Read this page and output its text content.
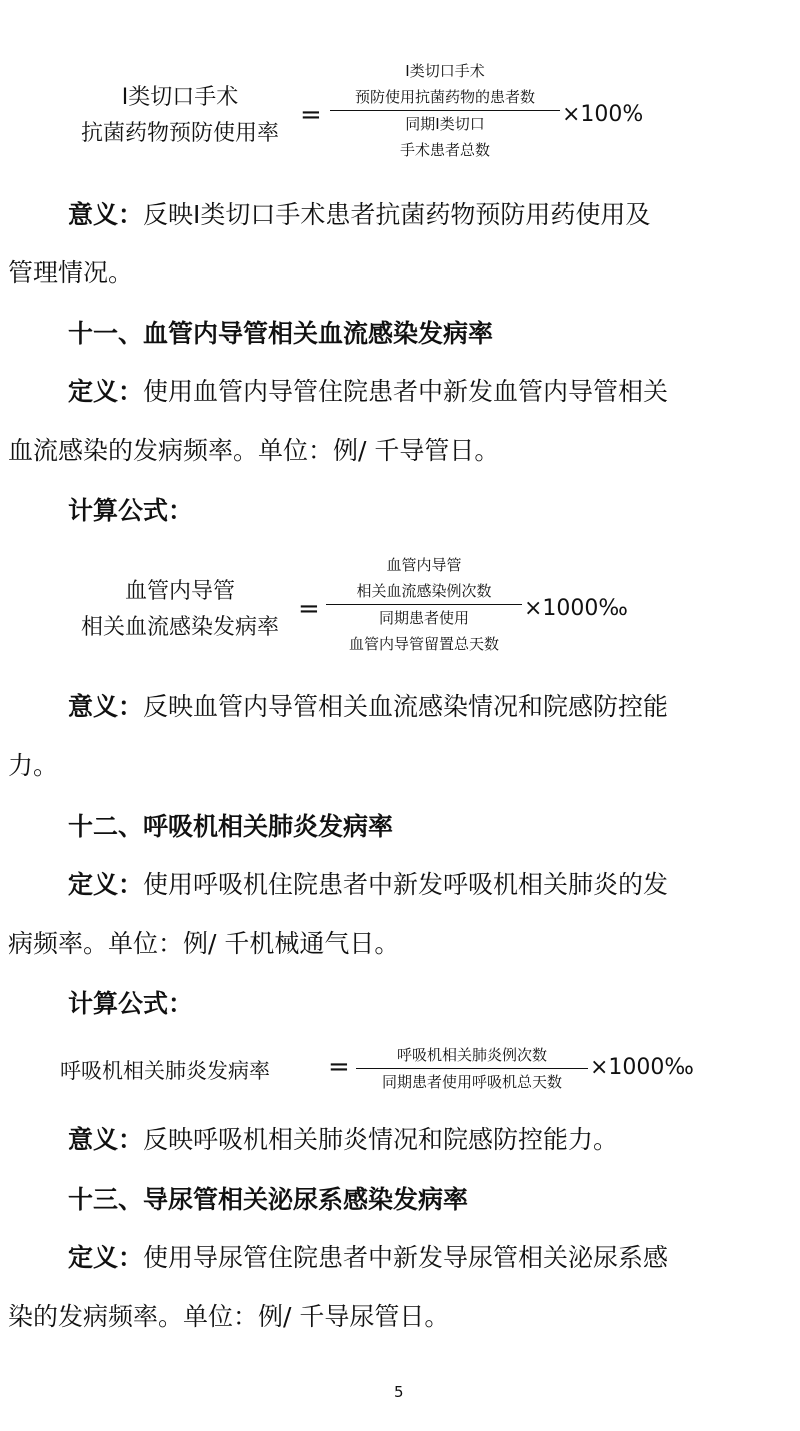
I类切口手术
抗菌药物预防使用率
=
I类切口手术
预防使用抗菌药物的患者数
同期I类切口
手术患者总数
×100%
意义：反映Ⅰ类切口手术患者抗菌药物预防用药使用及
管理情况。
十一、血管内导管相关血流感染发病率
定义：使用血管内导管住院患者中新发血管内导管相关
血流感染的发病频率。单位：例/ 千导管日。
计算公式：
血管内导管
相关血流感染发病率
=
血管内导管
相关血流感染例次数
同期患者使用
血管内导管留置总天数
×1000‰
意义：反映血管内导管相关血流感染情况和院感防控能
力。
十二、呼吸机相关肺炎发病率
定义：使用呼吸机住院患者中新发呼吸机相关肺炎的发
病频率。单位：例/ 千机械通气日。
计算公式：
呼吸机相关肺炎发病率 =	呼吸机相关肺炎例次数
同期患者使用呼吸机总天数
×1000‰
意义：反映呼吸机相关肺炎情况和院感防控能力。
十三、导尿管相关泌尿系感染发病率
定义：使用导尿管住院患者中新发导尿管相关泌尿系感
染的发病频率。单位：例/ 千导尿管日。
5
